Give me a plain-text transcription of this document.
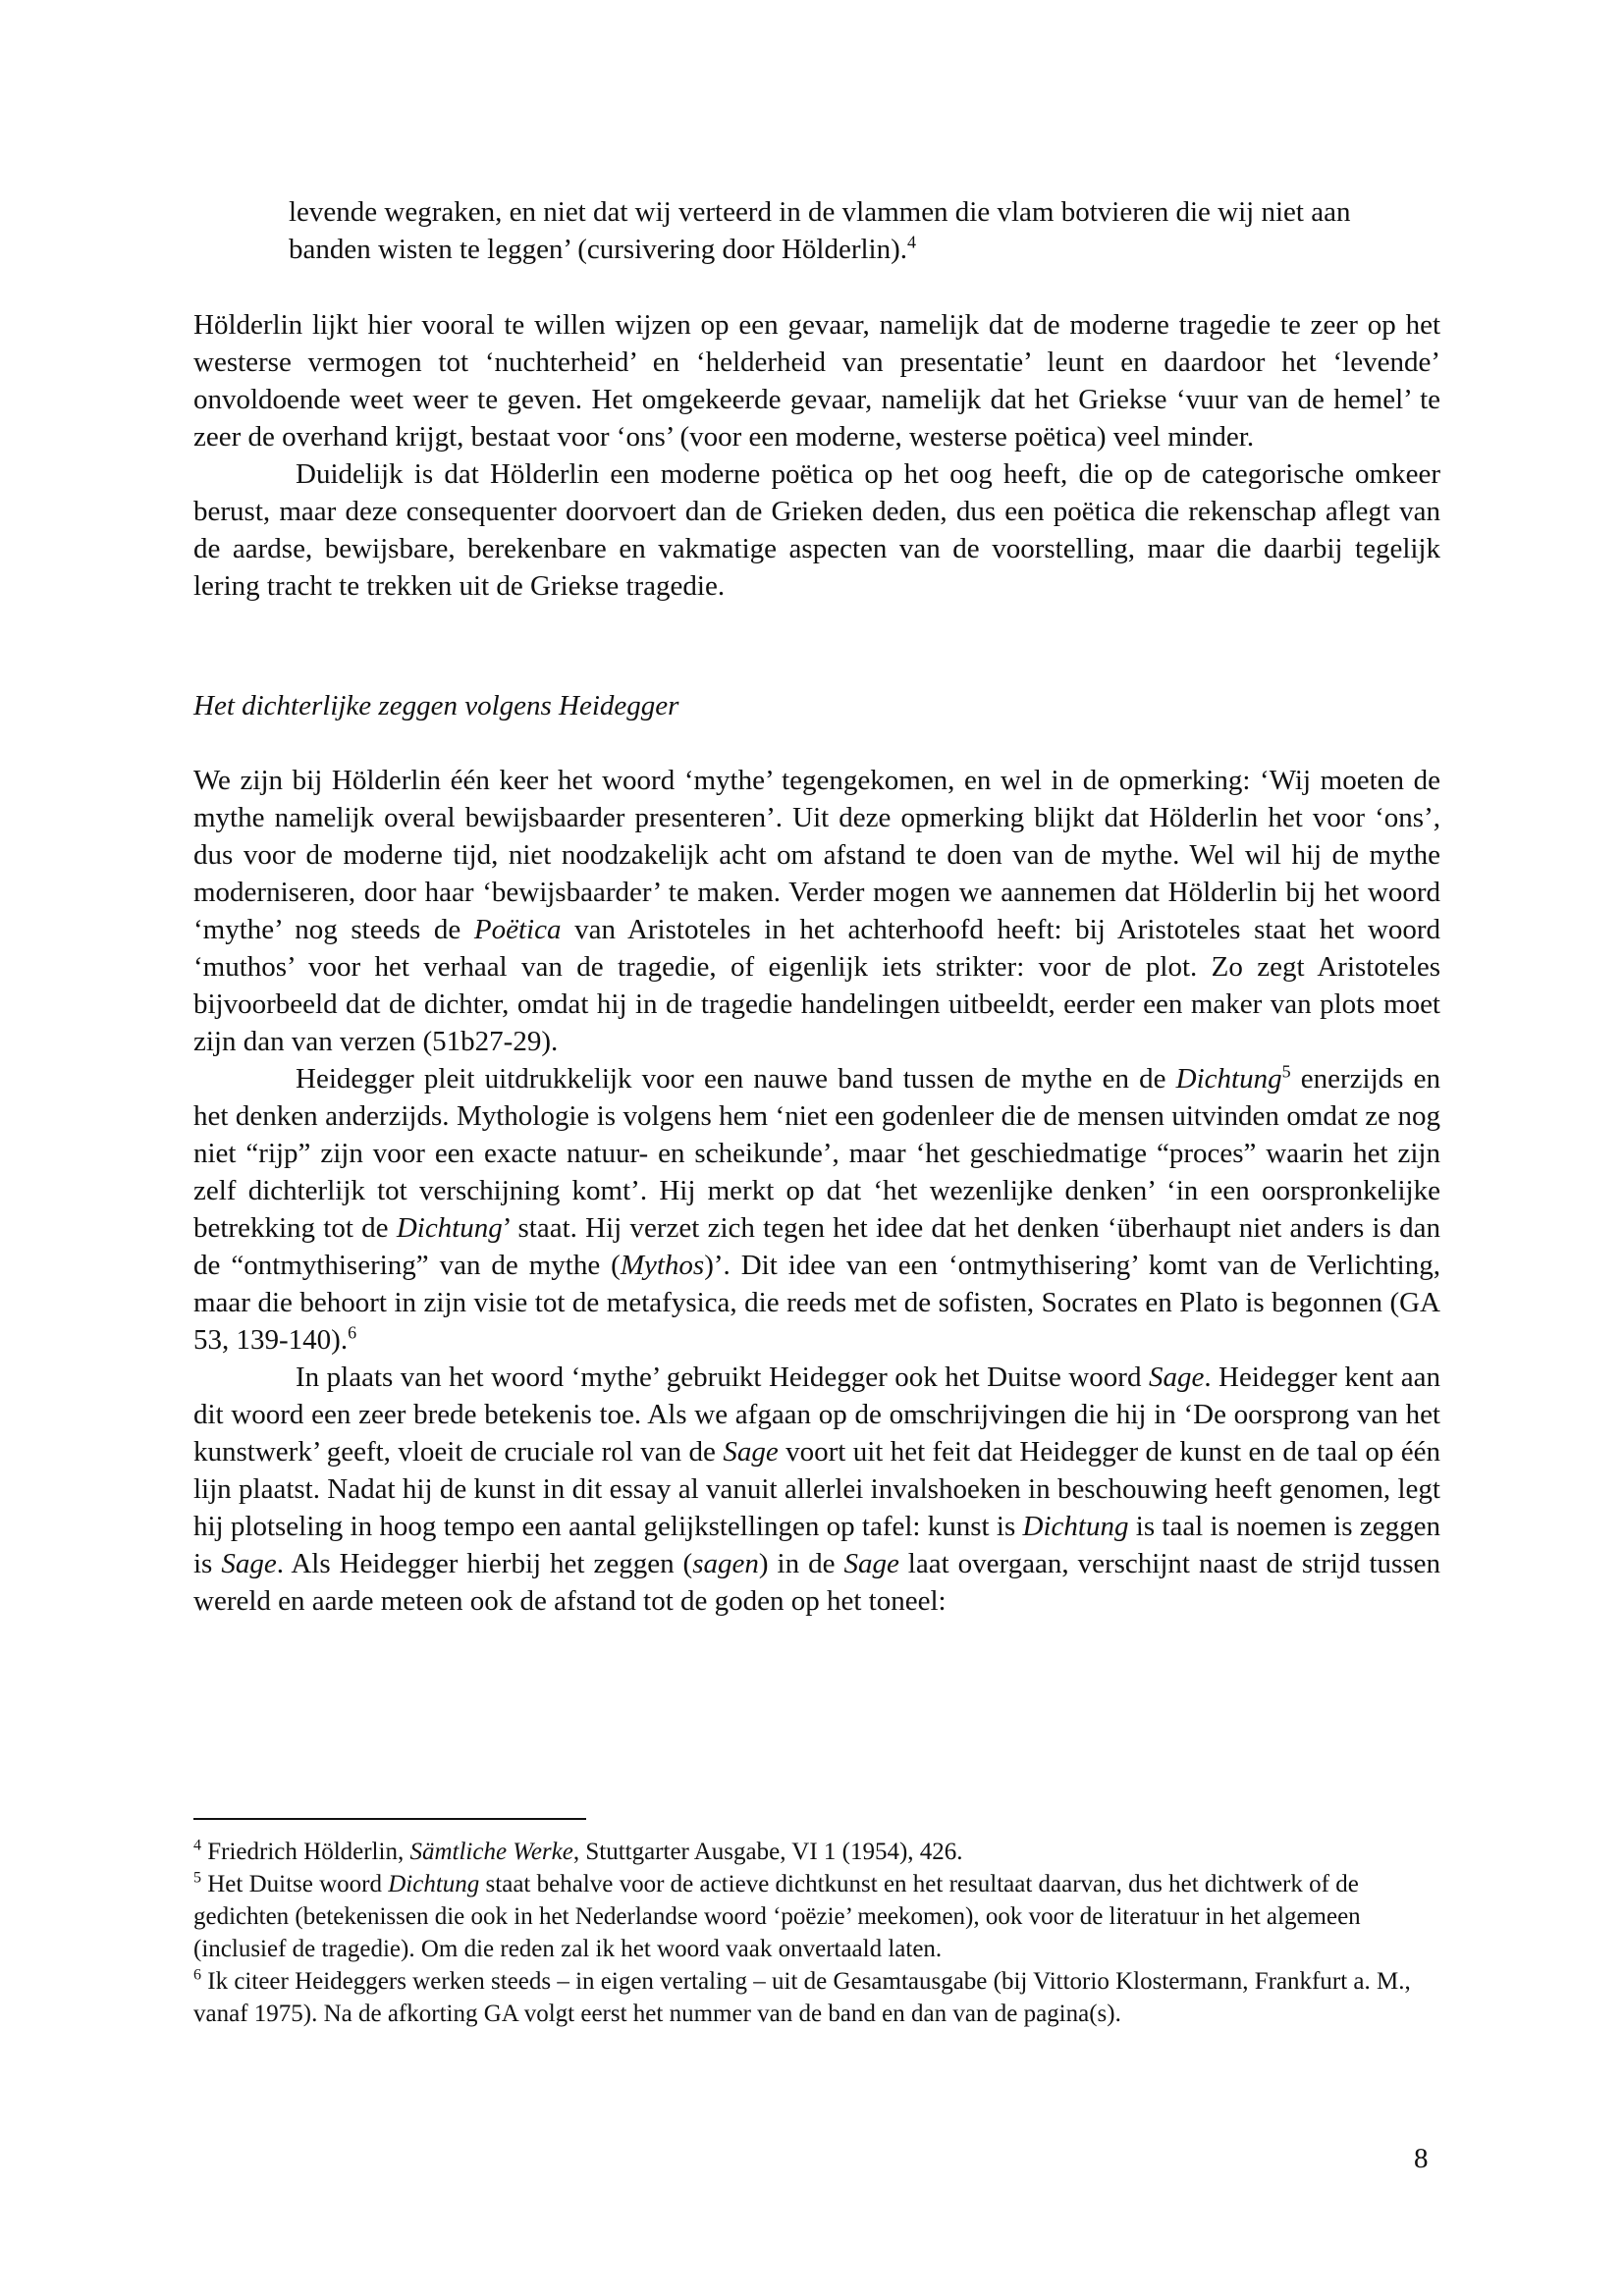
levende wegraken, en niet dat wij verteerd in de vlammen die vlam botvieren die wij niet aan banden wisten te leggen’ (cursivering door Hölderlin).$^4$

Hölderlin lijkt hier vooral te willen wijzen op een gevaar, namelijk dat de moderne tragedie te zeer op het westerse vermogen tot ‘nuchterheid’ en ‘helderheid van presentatie’ leunt en daardoor het ‘levende’ onvoldoende weet weer te geven. Het omgekeerde gevaar, namelijk dat het Griekse ‘vuur van de hemel’ te zeer de overhand krijgt, bestaat voor ‘ons’ (voor een moderne, westerse poëtica) veel minder.

Duidelijk is dat Hölderlin een moderne poëtica op het oog heeft, die op de categorische omkeer berust, maar deze consequenter doorvoert dan de Grieken deden, dus een poëtica die rekenschap aflegt van de aardse, bewijsbare, berekenbare en vakmatige aspecten van de voorstelling, maar die daarbij tegelijk lering tracht te trekken uit de Griekse tragedie.

Het dichterlijke zeggen volgens Heidegger

We zijn bij Hölderlin één keer het woord ‘mythe’ tegengekomen, en wel in de opmerking: ‘Wij moeten de mythe namelijk overal bewijsbaarder presenteren’. Uit deze opmerking blijkt dat Hölderlin het voor ‘ons’, dus voor de moderne tijd, niet noodzakelijk acht om afstand te doen van de mythe. Wel wil hij de mythe moderniseren, door haar ‘bewijsbaarder’ te maken. Verder mogen we aannemen dat Hölderlin bij het woord ‘mythe’ nog steeds de Poëtica van Aristoteles in het achterhoofd heeft: bij Aristoteles staat het woord ‘muthos’ voor het verhaal van de tragedie, of eigenlijk iets strikter: voor de plot. Zo zegt Aristoteles bijvoorbeeld dat de dichter, omdat hij in de tragedie handelingen uitbeeldt, eerder een maker van plots moet zijn dan van verzen (51b27-29).

Heidegger pleit uitdrukkelijk voor een nauwe band tussen de mythe en de Dichtung$^5$ enerzijds en het denken anderzijds. Mythologie is volgens hem ‘niet een godenleer die de mensen uitvinden omdat ze nog niet “rijp” zijn voor een exacte natuur- en scheikunde’, maar ‘het geschiedmatige “proces” waarin het zijn zelf dichterlijk tot verschijning komt’. Hij merkt op dat ‘het wezenlijke denken’ ‘in een oorspronkelijke betrekking tot de Dichtung’ staat. Hij verzet zich tegen het idee dat het denken ‘überhaupt niet anders is dan de “ontmythisering” van de mythe (Mythos)’. Dit idee van een ‘ontmythisering’ komt van de Verlichting, maar die behoort in zijn visie tot de metafysica, die reeds met de sofisten, Socrates en Plato is begonnen (GA 53, 139-140).$^6$

In plaats van het woord ‘mythe’ gebruikt Heidegger ook het Duitse woord Sage. Heidegger kent aan dit woord een zeer brede betekenis toe. Als we afgaan op de omschrijvingen die hij in ‘De oorsprong van het kunstwerk’ geeft, vloeit de cruciale rol van de Sage voort uit het feit dat Heidegger de kunst en de taal op één lijn plaatst. Nadat hij de kunst in dit essay al vanuit allerlei invalshoeken in beschouwing heeft genomen, legt hij plotseling in hoog tempo een aantal gelijkstellingen op tafel: kunst is Dichtung is taal is noemen is zeggen is Sage. Als Heidegger hierbij het zeggen (sagen) in de Sage laat overgaan, verschijnt naast de strijd tussen wereld en aarde meteen ook de afstand tot de goden op het toneel:

$^4$ Friedrich Hölderlin, Sämtliche Werke, Stuttgarter Ausgabe, VI 1 (1954), 426.

$^5$ Het Duitse woord Dichtung staat behalve voor de actieve dichtkunst en het resultaat daarvan, dus het dichtwerk of de gedichten (betekenissen die ook in het Nederlandse woord ‘poëzie’ meekomen), ook voor de literatuur in het algemeen (inclusief de tragedie). Om die reden zal ik het woord vaak onvertaald laten.

$^6$ Ik citeer Heideggers werken steeds – in eigen vertaling – uit de Gesamtausgabe (bij Vittorio Klostermann, Frankfurt a. M., vanaf 1975). Na de afkorting GA volgt eerst het nummer van de band en dan van de pagina(s).

8
